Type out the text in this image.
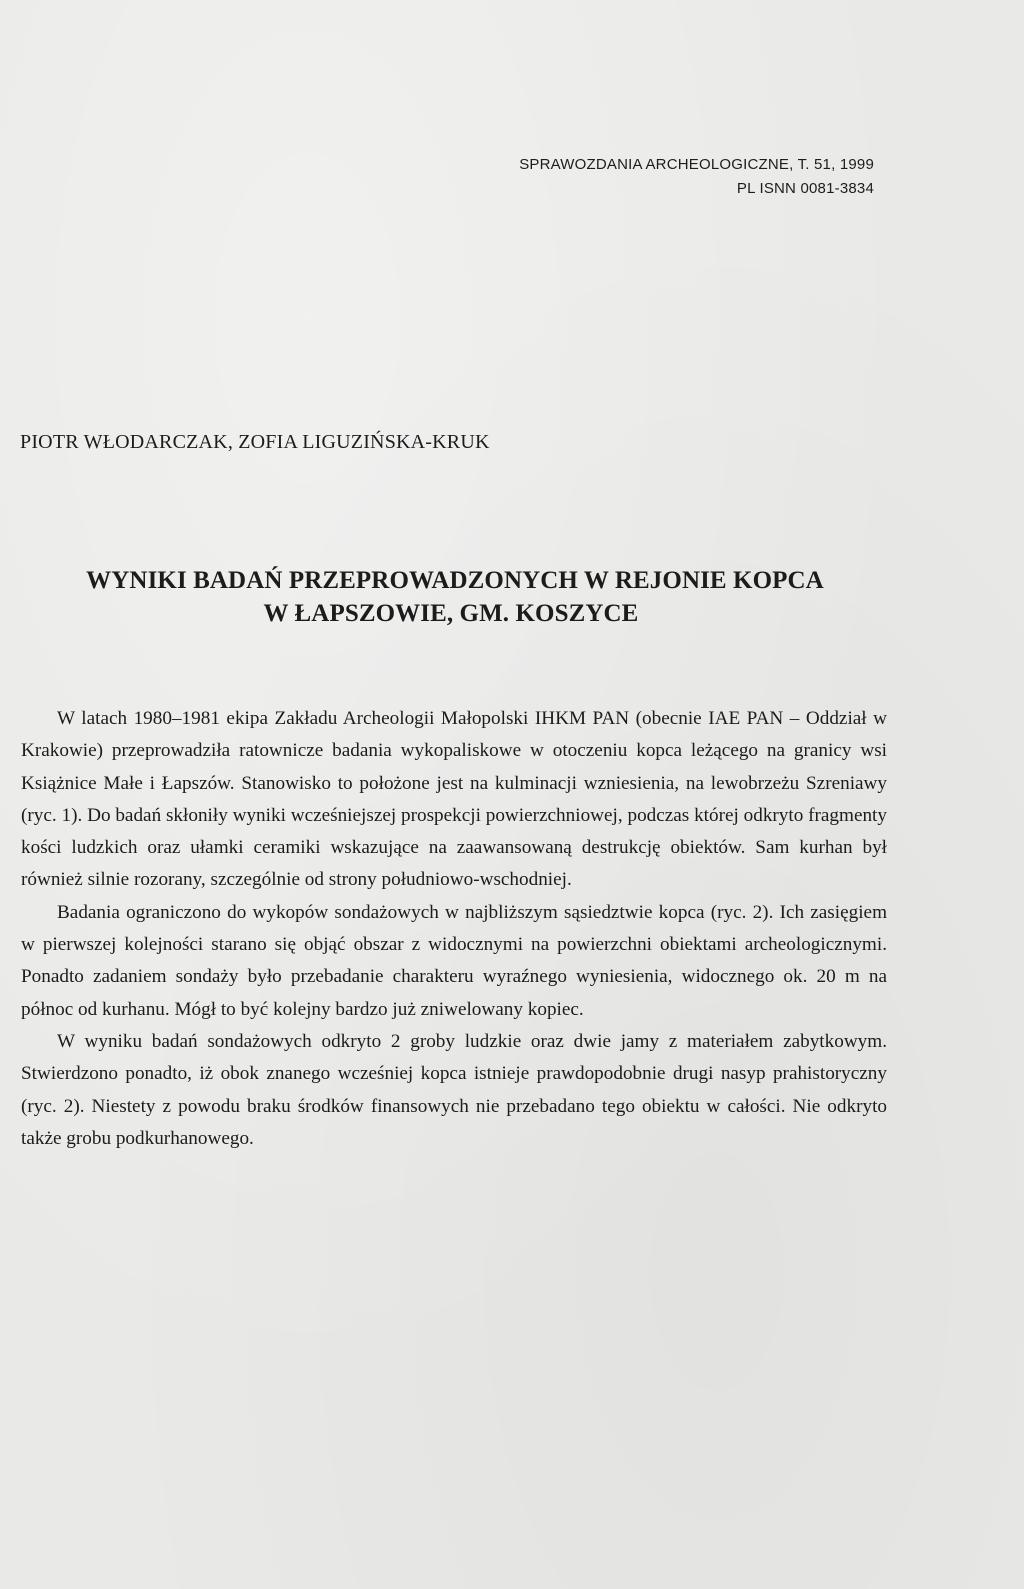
SPRAWOZDANIA ARCHEOLOGICZNE, T. 51, 1999
PL ISNN 0081-3834
PIOTR WŁODARCZAK, ZOFIA LIGUZIŃSKA-KRUK
WYNIKI BADAŃ PRZEPROWADZONYCH W REJONIE KOPCA
W ŁAPSZOWIE, GM. KOSZYCE

W latach 1980–1981 ekipa Zakładu Archeologii Małopolski IHKM PAN (obecnie IAE PAN – Oddział w Krakowie) przeprowadziła ratownicze badania wykopaliskowe w otoczeniu kopca leżącego na granicy wsi Książnice Małe i Łapszów. Stanowisko to położone jest na kulminacji wzniesienia, na lewobrzeżu Szreniawy (ryc. 1). Do badań skłoniły wyniki wcześniejszej prospekcji powierzchniowej, podczas której odkryto fragmenty kości ludzkich oraz ułamki ceramiki wskazujące na zaawansowaną destrukcję obiektów. Sam kurhan był również silnie rozorany, szczególnie od strony południowo-wschodniej.

Badania ograniczono do wykopów sondażowych w najbliższym sąsiedztwie kopca (ryc. 2). Ich zasięgiem w pierwszej kolejności starano się objąć obszar z widocznymi na powierzchni obiektami archeologicznymi. Ponadto zadaniem sondaży było przebadanie charakteru wyraźnego wyniesienia, widocznego ok. 20 m na północ od kurhanu. Mógł to być kolejny bardzo już zniwelowany kopiec.

W wyniku badań sondażowych odkryto 2 groby ludzkie oraz dwie jamy z materiałem zabytkowym. Stwierdzono ponadto, iż obok znanego wcześniej kopca istnieje prawdopodobnie drugi nasyp prahistoryczny (ryc. 2). Niestety z powodu braku środków finansowych nie przebadano tego obiektu w całości. Nie odkryto także grobu podkurhanowego.
